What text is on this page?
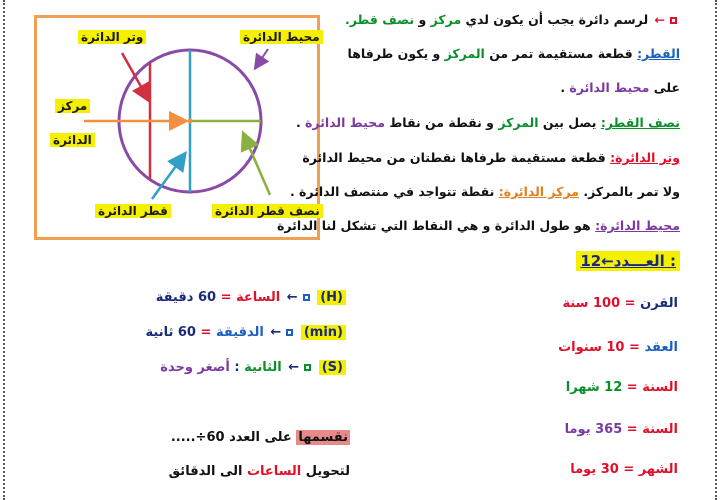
وتر الدائرة	محيط الدائرة
مركز
الدائرة
قطر الدائرة	نصف قطر الدائرة
← لرسم دائرة يجب أن يكون لدي مركز و نصف قطر.
القطر: قطعة مستقيمة تمر من المركز و يكون طرفاها
على محيط الدائرة .
نصف القطر: يصل بين المركز و نقطة من نقاط محيط الدائرة .
وتر الدائرة: قطعة مستقيمة طرفاها نقطتان من محيط الدائرة
ولا تمر بالمركز. مركز الدائرة: نقطة تتواجد في منتصف الدائرة .
محيط الدائرة: هو طول الدائرة و هي النقاط التي تشكل لنا الدائرة
12←العـــدد :
القرن = 100 سنة
العقد = 10 سنوات
السنة = 12 شهرا
السنة = 365 يوما
الشهر = 30 يوما
(H) ← الساعة = 60 دقيقة
(min) ← الدقيقة = 60 ثانية
(S) ← الثانية : أصغر وحدة
نقسمها على العدد 60÷.....
لتحويل الساعات الى الدقائق
